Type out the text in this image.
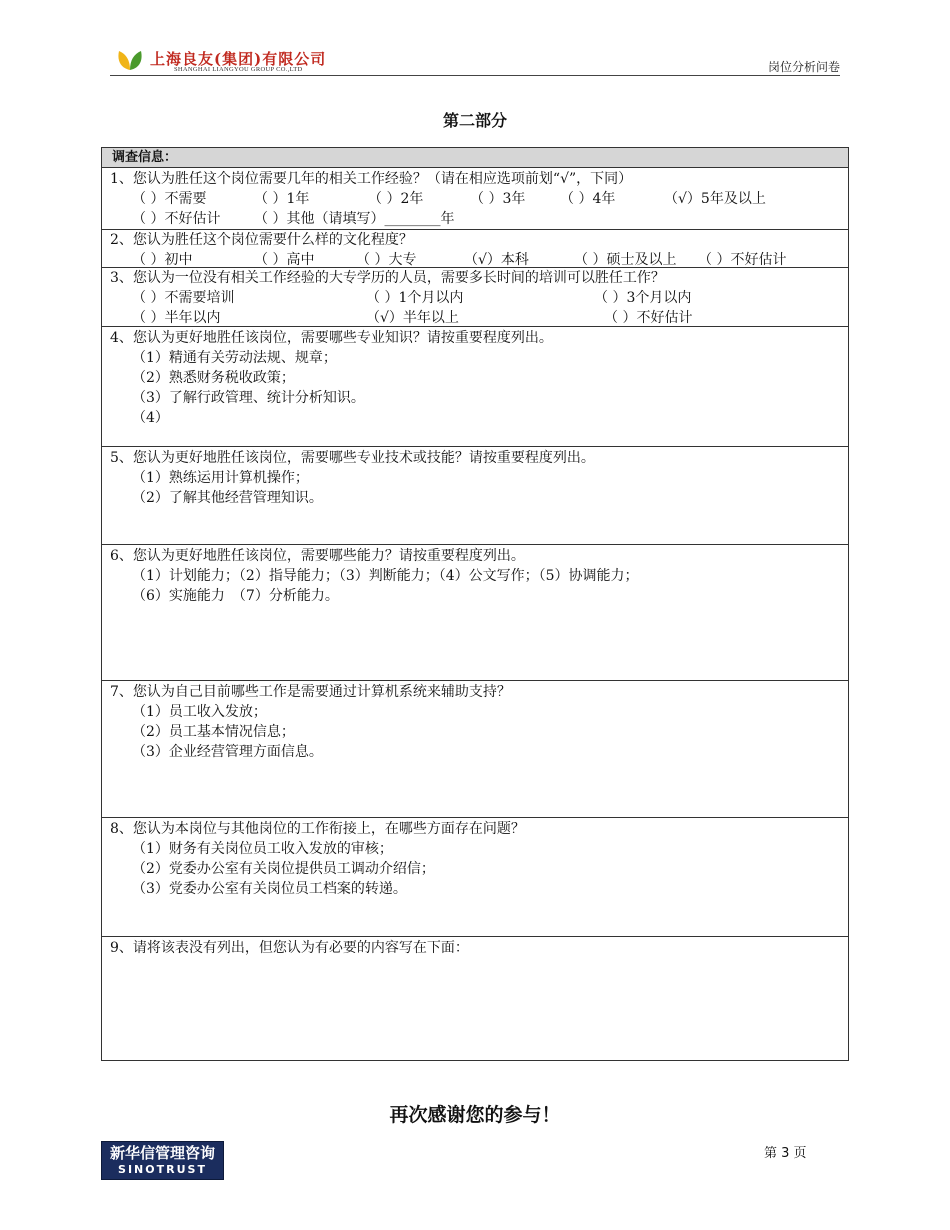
上海良友(集团)有限公司
SHANGHAI LIANGYOU GROUP CO.,LTD	岗位分析问卷
第二部分
调查信息：
1、您认为胜任这个岗位需要几年的相关工作经验？（请在相应选项前划“√”，下同）
（ ）不需要	（ ）1年	（ ）2年	（ ）3年 （ ）4年	（√）5年及以上
（ ）不好估计 （ ）其他（请填写）________年
2、您认为胜任这个岗位需要什么样的文化程度？
（ ）初中	（ ）高中	（ ）大专	（√）本科	（ ）硕士及以上 （ ）不好估计
3、您认为一位没有相关工作经验的大专学历的人员，需要多长时间的培训可以胜任工作？
（ ）不需要培训	（ ）1个月以内	（ ）3个月以内
（ ）半年以内	（√）半年以上	（ ）不好估计
4、您认为更好地胜任该岗位，需要哪些专业知识？请按重要程度列出。
（1）精通有关劳动法规、规章；
（2）熟悉财务税收政策；
（3）了解行政管理、统计分析知识。
（4）
5、您认为更好地胜任该岗位，需要哪些专业技术或技能？请按重要程度列出。
（1）熟练运用计算机操作；
（2）了解其他经营管理知识。
6、您认为更好地胜任该岗位，需要哪些能力？请按重要程度列出。
（1）计划能力；（2）指导能力；（3）判断能力；（4）公文写作；（5）协调能力；
（6）实施能力　（7）分析能力。
7、您认为自己目前哪些工作是需要通过计算机系统来辅助支持？
（1）员工收入发放；
（2）员工基本情况信息；
（3）企业经营管理方面信息。
8、您认为本岗位与其他岗位的工作衔接上，在哪些方面存在问题？
（1）财务有关岗位员工收入发放的审核；
（2）党委办公室有关岗位提供员工调动介绍信；
（3）党委办公室有关岗位员工档案的转递。
9、请将该表没有列出，但您认为有必要的内容写在下面：
再次感谢您的参与！
新华信管理咨询
SINOTRUST
第 3 页
